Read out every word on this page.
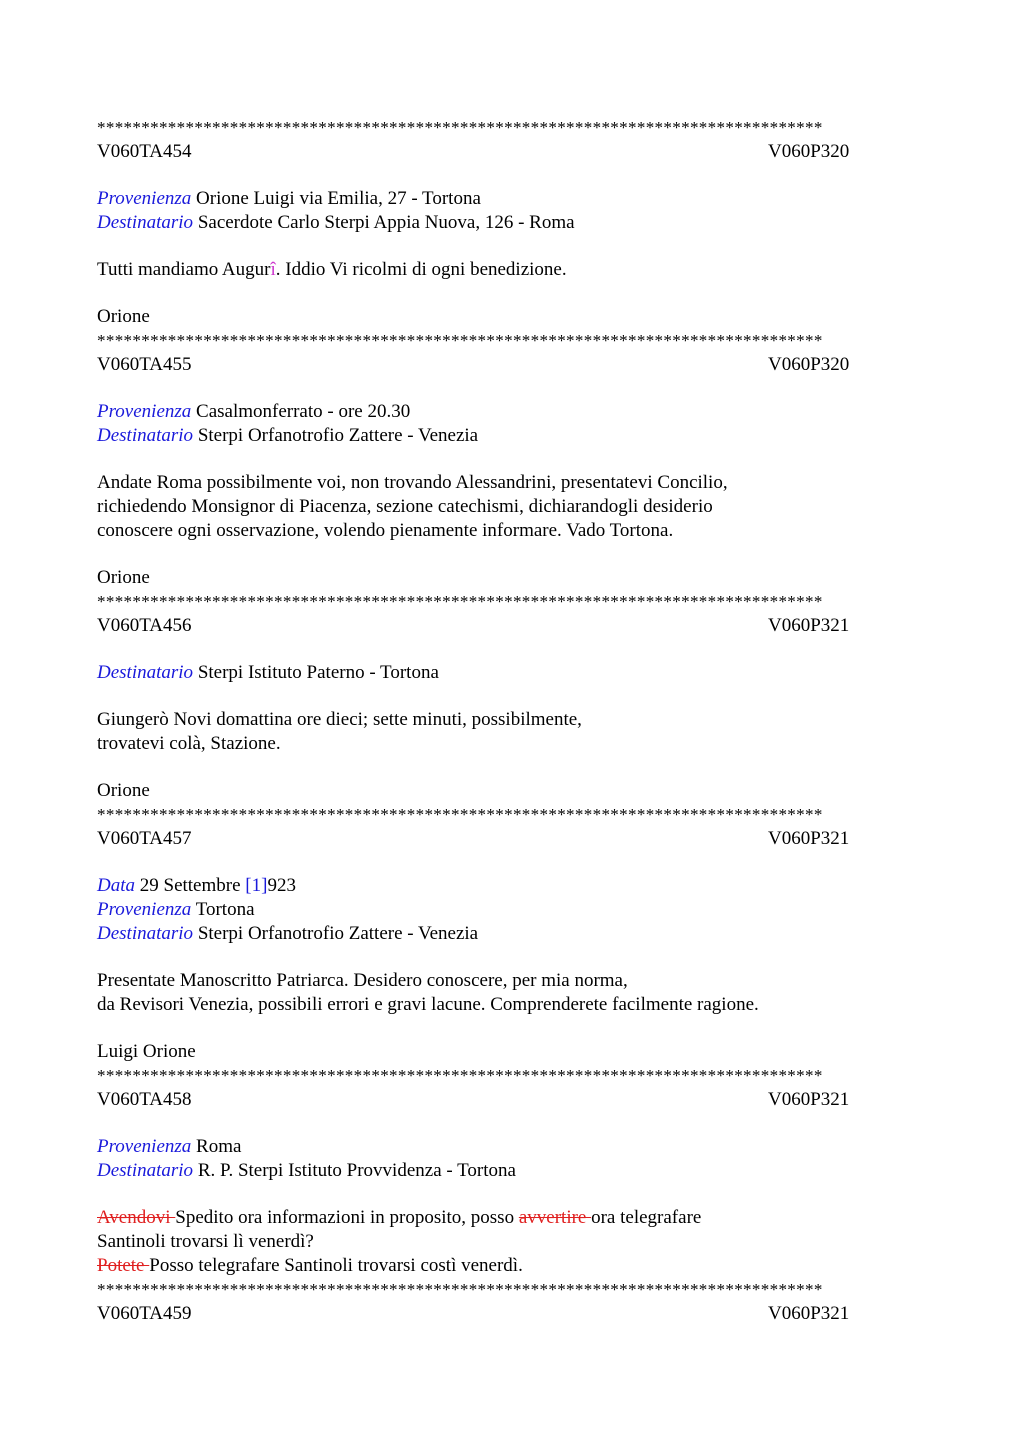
**********************************************************************************
V060TA454	V060P320
Provenienza Orione Luigi via Emilia, 27 - Tortona
Destinatario Sacerdote Carlo Sterpi Appia Nuova, 126 - Roma
Tutti mandiamo Augurî. Iddio Vi ricolmi di ogni benedizione.
Orione
**********************************************************************************
V060TA455	V060P320
Provenienza Casalmonferrato - ore 20.30
Destinatario Sterpi Orfanotrofio Zattere - Venezia
Andate Roma possibilmente voi, non trovando Alessandrini, presentatevi Concilio,
richiedendo Monsignor di Piacenza, sezione catechismi, dichiarandogli desiderio
conoscere ogni osservazione, volendo pienamente informare. Vado Tortona.
Orione
**********************************************************************************
V060TA456	V060P321
Destinatario Sterpi Istituto Paterno - Tortona
Giungerò Novi domattina ore dieci; sette minuti, possibilmente,
trovatevi colà, Stazione.
Orione
**********************************************************************************
V060TA457	V060P321
Data 29 Settembre [1]923
Provenienza Tortona
Destinatario Sterpi Orfanotrofio Zattere - Venezia
Presentate Manoscritto Patriarca. Desidero conoscere, per mia norma,
da Revisori Venezia, possibili errori e gravi lacune. Comprenderete facilmente ragione.
Luigi Orione
**********************************************************************************
V060TA458	V060P321
Provenienza Roma
Destinatario R. P. Sterpi Istituto Provvidenza - Tortona
Avendovi Spedito ora informazioni in proposito, posso avvertire ora telegrafare
Santinoli trovarsi lì venerdì?
Potete Posso telegrafare Santinoli trovarsi costì venerdì.
**********************************************************************************
V060TA459	V060P321
